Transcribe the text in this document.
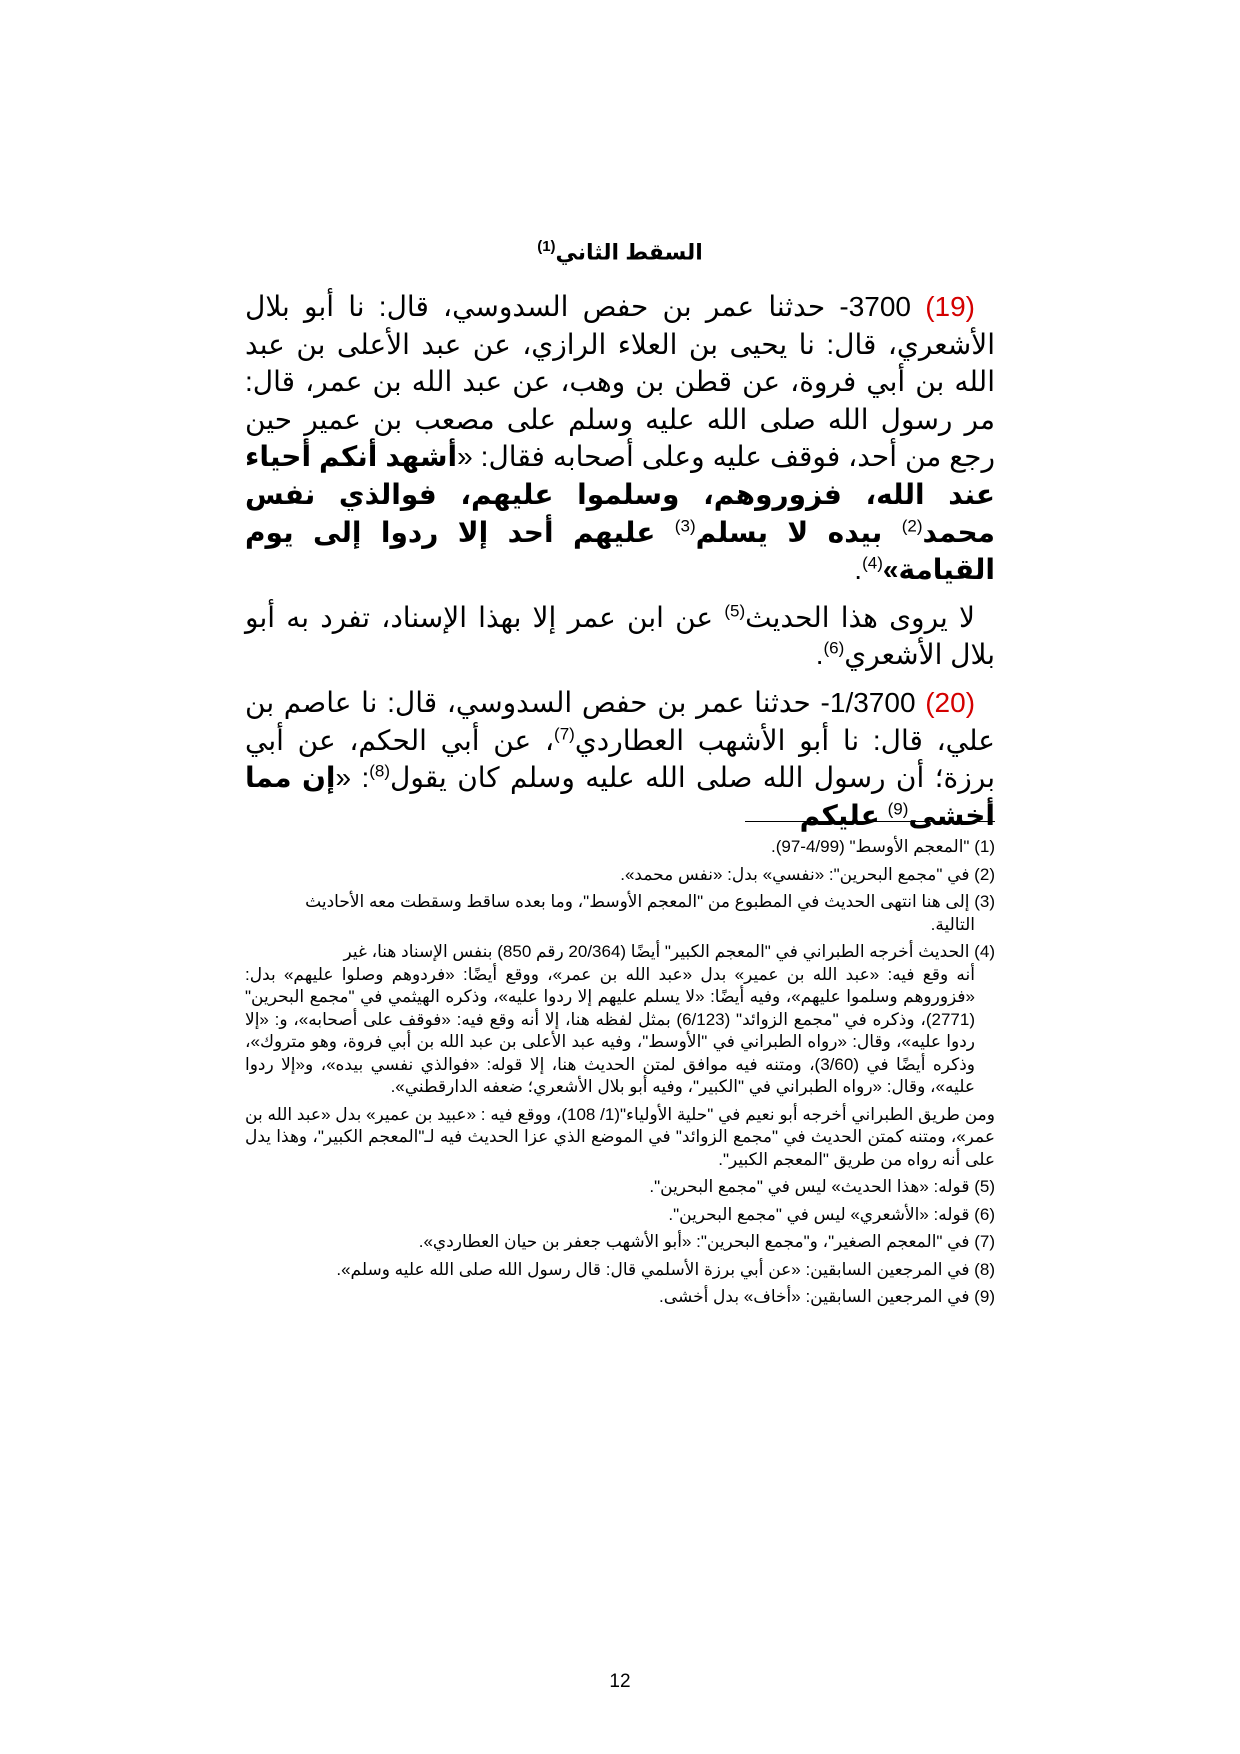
السقط الثاني$^{(1)}$

(19) 3700- حدثنا عمر بن حفص السدوسي، قال: نا أبو بلال الأشعري، قال: نا يحيى بن العلاء الرازي، عن عبد الأعلى بن عبد الله بن أبي فروة، عن قطن بن وهب، عن عبد الله بن عمر، قال: مر رسول الله صلى الله عليه وسلم على مصعب بن عمير حين رجع من أحد، فوقف عليه وعلى أصحابه فقال: «أشهد أنكم أحياء عند الله، فزوروهم، وسلموا عليهم، فوالذي نفس محمد$^{(2)}$ بيده لا يسلم$^{(3)}$ عليهم أحد إلا ردوا إلى يوم القيامة»$^{(4)}$.

لا يروى هذا الحديث$^{(5)}$ عن ابن عمر إلا بهذا الإسناد، تفرد به أبو بلال الأشعري$^{(6)}$.

(20) 1/3700- حدثنا عمر بن حفص السدوسي، قال: نا عاصم بن علي، قال: نا أبو الأشهب العطاردي$^{(7)}$، عن أبي الحكم، عن أبي برزة؛ أن رسول الله صلى الله عليه وسلم كان يقول$^{(8)}$: «إن مما أخشى$^{(9)}$ عليكم

(1) "المعجم الأوسط" (4/99-97).
(2) في "مجمع البحرين": «نفسي» بدل: «نفس محمد».
(3) إلى هنا انتهى الحديث في المطبوع من "المعجم الأوسط"، وما بعده ساقط وسقطت معه الأحاديث
التالية.
(4) الحديث أخرجه الطبراني في "المعجم الكبير" أيضًا (20/364 رقم 850) بنفس الإسناد هنا، غير
أنه وقع فيه: «عبد الله بن عمير» بدل «عبد الله بن عمر»، ووقع أيضًا: «فردوهم وصلوا عليهم» بدل: «فزوروهم وسلموا عليهم»، وفيه أيضًا: «لا يسلم عليهم إلا ردوا عليه»، وذكره الهيثمي في "مجمع البحرين" (2771)، وذكره في "مجمع الزوائد" (6/123) بمثل لفظه هنا، إلا أنه وقع فيه: «فوقف على أصحابه»، و: «إلا ردوا عليه»، وقال: «رواه الطبراني في "الأوسط"، وفيه عبد الأعلى بن عبد الله بن أبي فروة، وهو متروك»، وذكره أيضًا في (3/60)، ومتنه فيه موافق لمتن الحديث هنا، إلا قوله: «فوالذي نفسي بيده»، و«إلا ردوا عليه»، وقال: «رواه الطبراني في "الكبير"، وفيه أبو بلال الأشعري؛ ضعفه الدارقطني».
ومن طريق الطبراني أخرجه أبو نعيم في "حلية الأولياء"(1/ 108)، ووقع فيه : «عبيد بن عمير» بدل «عبد الله بن عمر»، ومتنه كمتن الحديث في "مجمع الزوائد" في الموضع الذي عزا الحديث فيه لـ"المعجم الكبير"، وهذا يدل على أنه رواه من طريق "المعجم الكبير".
(5) قوله: «هذا الحديث» ليس في "مجمع البحرين".
(6) قوله: «الأشعري» ليس في "مجمع البحرين".
(7) في "المعجم الصغير"، و"مجمع البحرين": «أبو الأشهب جعفر بن حيان العطاردي».
(8) في المرجعين السابقين: «عن أبي برزة الأسلمي قال: قال رسول الله صلى الله عليه وسلم».
(9) في المرجعين السابقين: «أخاف» بدل أخشى.
12
